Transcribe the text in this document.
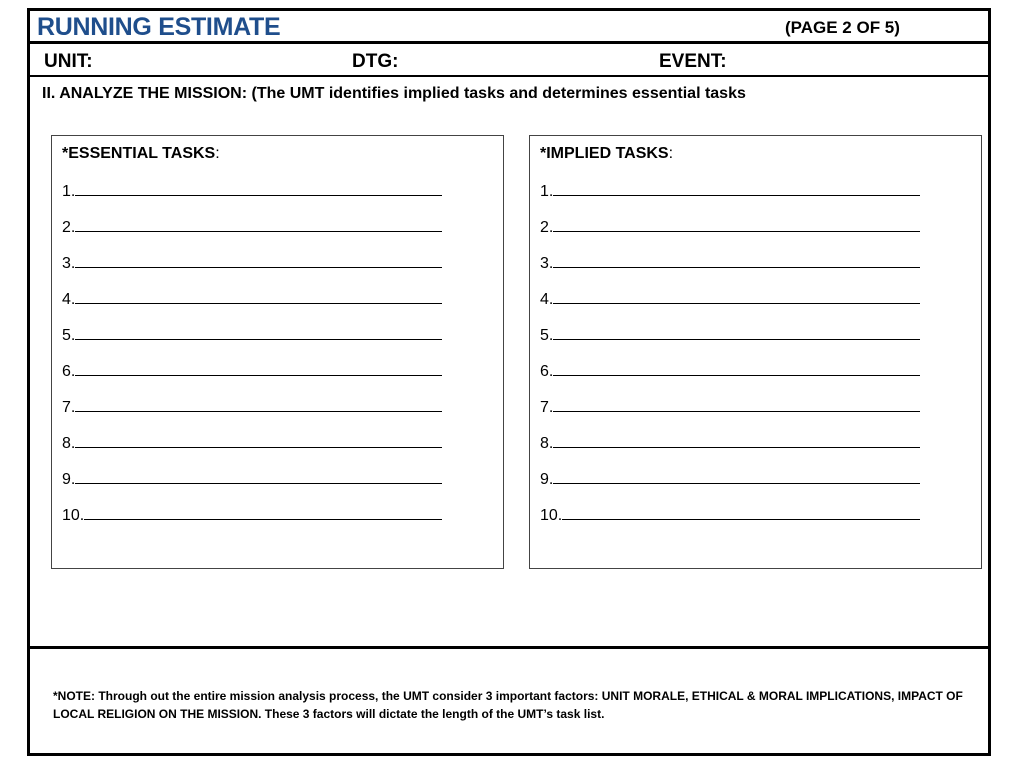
RUNNING ESTIMATE	(PAGE 2 OF 5)
UNIT:	DTG:	EVENT:
II. ANALYZE THE MISSION: (The UMT identifies implied tasks and determines essential tasks
*ESSENTIAL TASKS:
1.
2.
3.
4.
5.
6.
7.
8.
9.
10.
*IMPLIED TASKS:
1.
2.
3.
4.
5.
6.
7.
8.
9.
10.
*NOTE: Through out the entire mission analysis process, the UMT consider 3 important factors: UNIT MORALE, ETHICAL & MORAL IMPLICATIONS, IMPACT OF LOCAL RELIGION ON THE MISSION. These 3 factors will dictate the length of the UMT’s task list.
